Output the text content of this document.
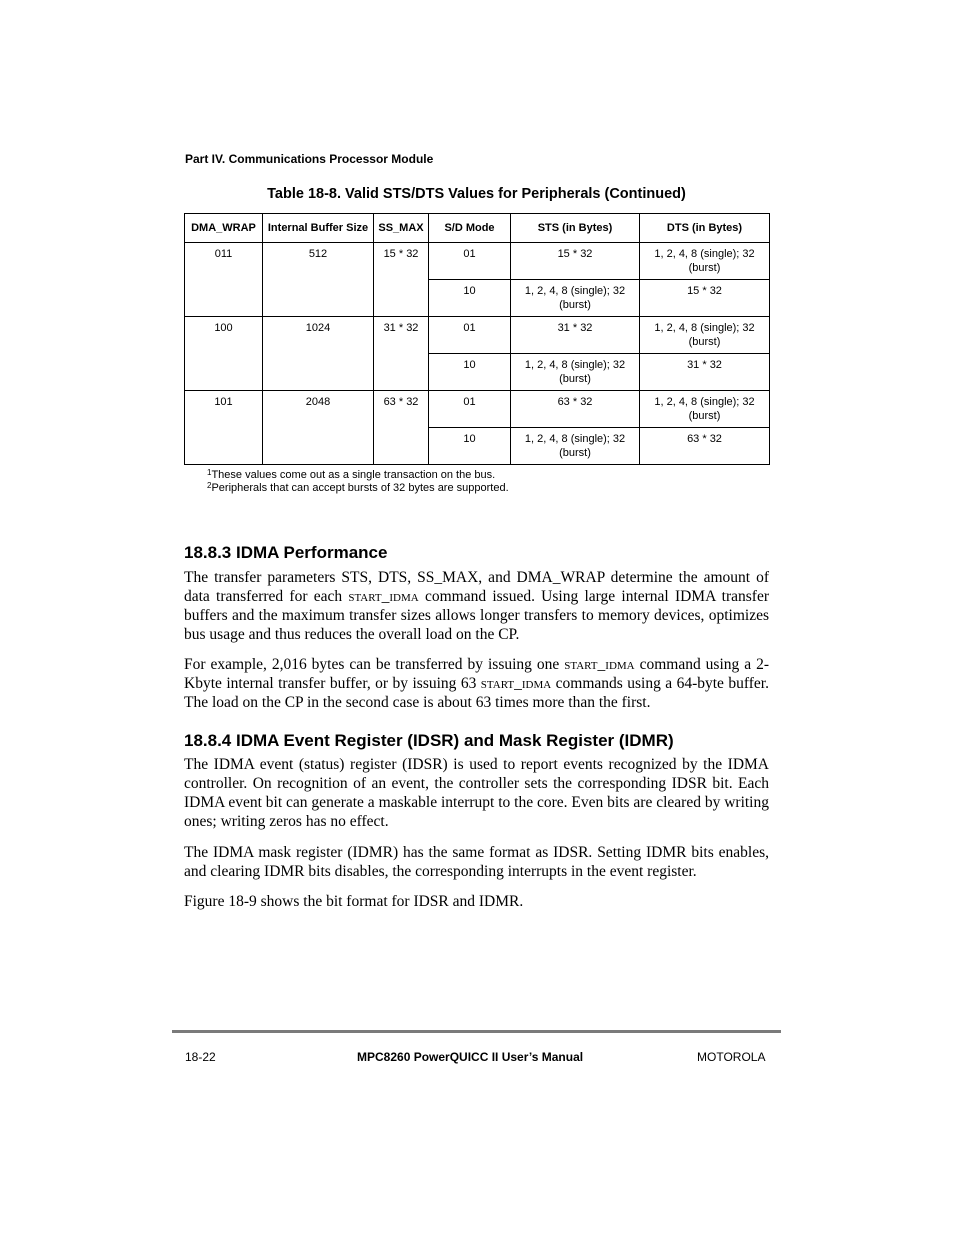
Part IV. Communications Processor Module
Table 18-8. Valid STS/DTS Values for Peripherals (Continued)
DMA_WRAP	Internal Buffer Size	SS_MAX	S/D Mode	STS (in Bytes)	DTS (in Bytes)
011	512	15 * 32	01	15 * 32	1, 2, 4, 8 (single); 32 (burst)
			10	1, 2, 4, 8 (single); 32 (burst)	15 * 32
100	1024	31 * 32	01	31 * 32	1, 2, 4, 8 (single); 32 (burst)
			10	1, 2, 4, 8 (single); 32 (burst)	31 * 32
101	2048	63 * 32	01	63 * 32	1, 2, 4, 8 (single); 32 (burst)
			10	1, 2, 4, 8 (single); 32 (burst)	63 * 32
$^1$These values come out as a single transaction on the bus.
$^2$Peripherals that can accept bursts of 32 bytes are supported.
18.8.3 IDMA Performance

The transfer parameters STS, DTS, SS_MAX, and DMA_WRAP determine the amount of data transferred for each start_idma command issued. Using large internal IDMA transfer buffers and the maximum transfer sizes allows longer transfers to memory devices, optimizes bus usage and thus reduces the overall load on the CP.

For example, 2,016 bytes can be transferred by issuing one start_idma command using a 2-Kbyte internal transfer buffer, or by issuing 63 start_idma commands using a 64-byte buffer. The load on the CP in the second case is about 63 times more than the first.

18.8.4 IDMA Event Register (IDSR) and Mask Register (IDMR)

The IDMA event (status) register (IDSR) is used to report events recognized by the IDMA controller. On recognition of an event, the controller sets the corresponding IDSR bit. Each IDMA event bit can generate a maskable interrupt to the core. Even bits are cleared by writing ones; writing zeros has no effect.

The IDMA mask register (IDMR) has the same format as IDSR. Setting IDMR bits enables, and clearing IDMR bits disables, the corresponding interrupts in the event register.

Figure 18-9 shows the bit format for IDSR and IDMR.

18-22	MPC8260 PowerQUICC II User’s Manual	MOTOROLA
